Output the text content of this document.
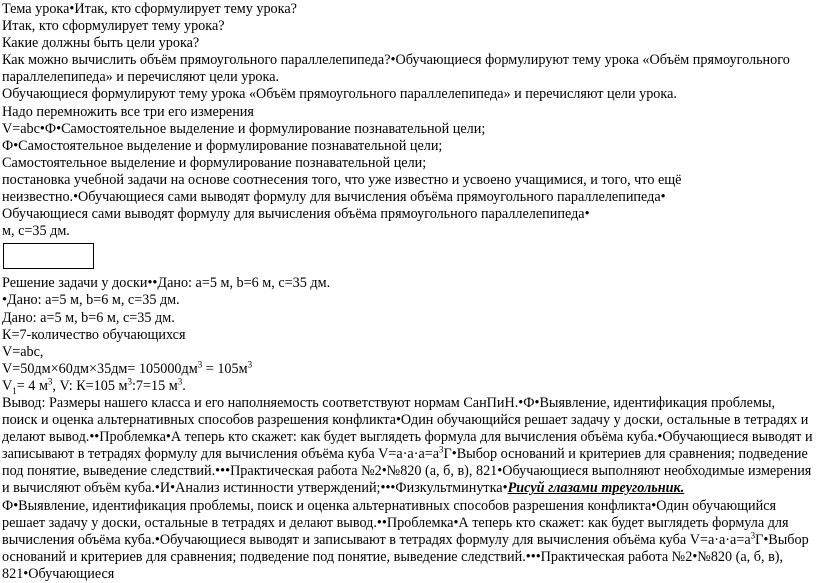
Тема урока•Итак, кто сформулирует тему урока?

Итак, кто сформулирует тему урока?

Какие должны быть цели урока?

Как можно вычислить объём прямоугольного параллелепипеда?•Обучающиеся формулируют тему урока «Объём прямоугольного параллелепипеда» и перечисляют цели урока.

Обучающиеся формулируют тему урока «Объём прямоугольного параллелепипеда» и перечисляют цели урока.

Надо перемножить все три его измерения

V=abc•Ф•Самостоятельное выделение и формулирование познавательной цели;

Ф•Самостоятельное выделение и формулирование познавательной цели;

Самостоятельное выделение и формулирование познавательной цели;

постановка учебной задачи на основе соотнесения того, что уже известно и усвоено учащимися, и того, что ещё неизвестно.•Обучающиеся сами выводят формулу для вычисления объёма прямоугольного параллелепипеда•

Обучающиеся сами выводят формулу для вычисления объёма прямоугольного параллелепипеда•

м, с=35 дм.

Решение задачи у доски••Дано: а=5 м, b=6 м, с=35 дм.

•Дано: а=5 м, b=6 м, с=35 дм.

Дано: а=5 м, b=6 м, с=35 дм.

К=7-количество обучающихся

V=abc,

$V=50дм\times 60дм\times 35дм= 105000дм^3 = 105м^3$

$V_1= 4$ $м^3$, V: К=105 $м^3:7=15$ $м^3$.

Вывод: Размеры нашего класса и его наполняемость соответствуют нормам СанПиН.•Ф•Выявление, идентификация проблемы, поиск и оценка альтернативных способов разрешения конфликта•Один обучающийся решает задачу у доски, остальные в тетрадях и делают вывод.••Проблемка•А теперь кто скажет: как будет выглядеть формула для вычисления объёма куба.•Обучающиеся выводят и записывают в тетрадях формулу для вычисления объёма куба $V=a\cdot a\cdot a=a^3Г•Выбор$ оснований и критериев для сравнения; подведение под понятие, выведение следствий.•••Практическая работа №2•№820 (а, б, в), 821•Обучающиеся выполняют необходимые измерения и вычисляют объём куба.•И•Анализ истинности утверждений;•••Физкультминутка•Рисуй глазами треугольник.

Ф•Выявление, идентификация проблемы, поиск и оценка альтернативных способов разрешения конфликта•Один обучающийся решает задачу у доски, остальные в тетрадях и делают вывод.••Проблемка•А теперь кто скажет: как будет выглядеть формула для вычисления объёма куба.•Обучающиеся выводят и записывают в тетрадях формулу для вычисления объёма куба $V=a\cdot a\cdot a=a^3Г•Выбор$ оснований и критериев для сравнения; подведение под понятие, выведение следствий.•••Практическая работа №2•№820 (а, б, в), 821•Обучающиеся
